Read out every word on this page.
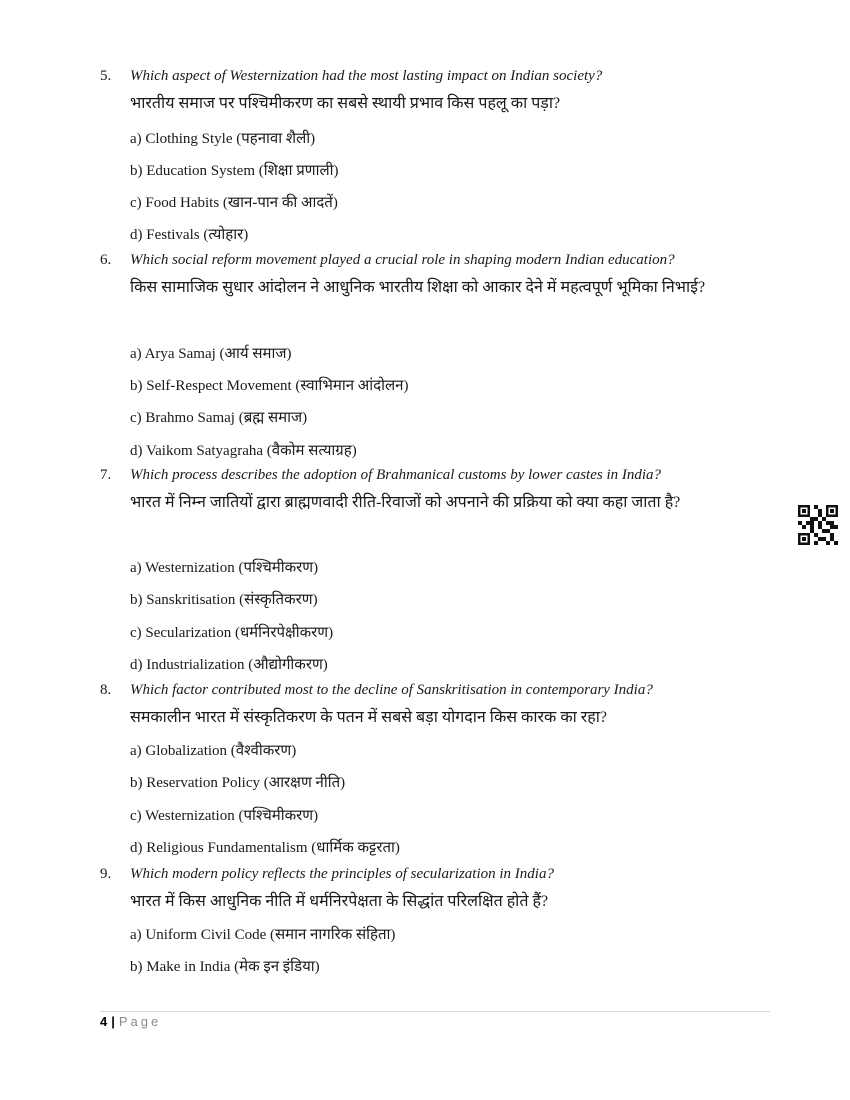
5. Which aspect of Westernization had the most lasting impact on Indian society?
भारतीय समाज पर पश्चिमीकरण का सबसे स्थायी प्रभाव किस पहलू का पड़ा?
a) Clothing Style (पहनावा शैली)
b) Education System (शिक्षा प्रणाली)
c) Food Habits (खान-पान की आदतें)
d) Festivals (त्योहार)
6. Which social reform movement played a crucial role in shaping modern Indian education?
किस सामाजिक सुधार आंदोलन ने आधुनिक भारतीय शिक्षा को आकार देने में महत्वपूर्ण भूमिका निभाई?
a) Arya Samaj (आर्य समाज)
b) Self-Respect Movement (स्वाभिमान आंदोलन)
c) Brahmo Samaj (ब्रह्म समाज)
d) Vaikom Satyagraha (वैकोम सत्याग्रह)
7. Which process describes the adoption of Brahmanical customs by lower castes in India?
भारत में निम्न जातियों द्वारा ब्राह्मणवादी रीति-रिवाजों को अपनाने की प्रक्रिया को क्या कहा जाता है?
a) Westernization (पश्चिमीकरण)
b) Sanskritisation (संस्कृतिकरण)
c) Secularization (धर्मनिरपेक्षीकरण)
d) Industrialization (औद्योगीकरण)
8. Which factor contributed most to the decline of Sanskritisation in contemporary India?
समकालीन भारत में संस्कृतिकरण के पतन में सबसे बड़ा योगदान किस कारक का रहा?
a) Globalization (वैश्वीकरण)
b) Reservation Policy (आरक्षण नीति)
c) Westernization (पश्चिमीकरण)
d) Religious Fundamentalism (धार्मिक कट्टरता)
9. Which modern policy reflects the principles of secularization in India?
भारत में किस आधुनिक नीति में धर्मनिरपेक्षता के सिद्धांत परिलक्षित होते हैं?
a) Uniform Civil Code (समान नागरिक संहिता)
b) Make in India (मेक इन इंडिया)
4 | Page
